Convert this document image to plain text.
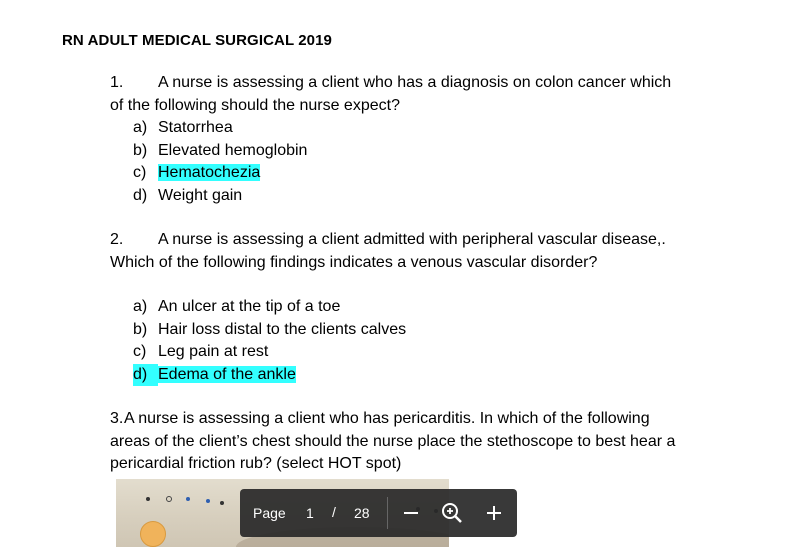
RN ADULT MEDICAL SURGICAL 2019
1. A nurse is assessing a client who has a diagnosis on colon cancer which
of the following should the nurse expect?
a) Statorrhea
b) Elevated hemoglobin
c) Hematochezia
d) Weight gain
2. A nurse is assessing a client admitted with peripheral vascular disease,.
Which of the following findings indicates a venous vascular disorder?
a) An ulcer at the tip of a toe
b) Hair loss distal to the clients calves
c) Leg pain at rest
d) Edema of the ankle
3.A nurse is assessing a client who has pericarditis. In which of the following
areas of the client’s chest should the nurse place the stethoscope to best hear a
pericardial friction rub? (select HOT spot)
Page 1 / 28
